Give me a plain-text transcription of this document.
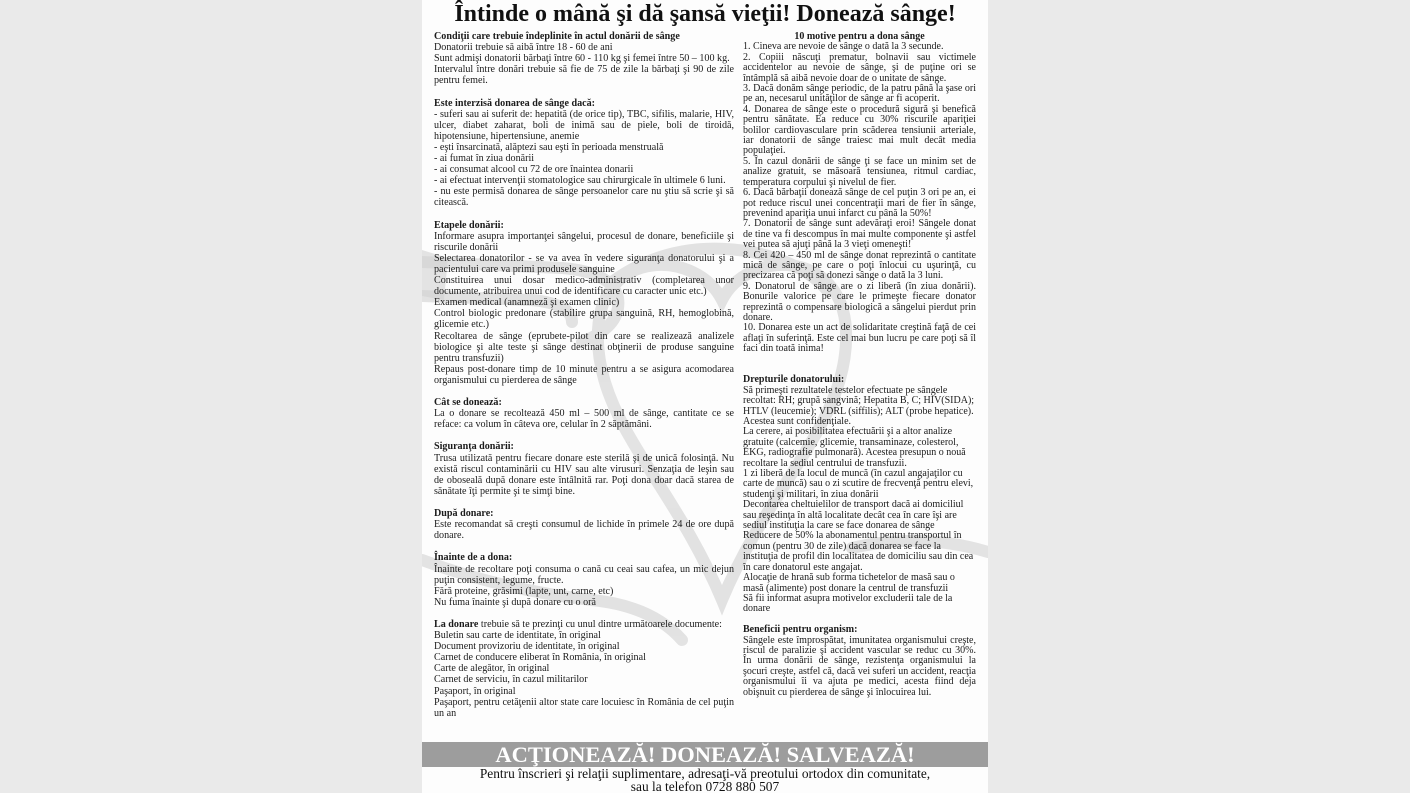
Întinde o mână şi dă şansă vieţii! Donează sânge!

Condiţii care trebuie îndeplinite în actul donării de sânge

Donatorii trebuie să aibă între 18 - 60 de ani

Sunt admişi donatorii bărbaţi între 60 - 110 kg şi femei între 50 – 100 kg.

Intervalul între donări trebuie să fie de 75 de zile la bărbaţi şi 90 de zile pentru femei.

Este interzisă donarea de sânge dacă:

- suferi sau ai suferit de: hepatită (de orice tip), TBC, sifilis, malarie, HIV, ulcer, diabet zaharat, boli de inimă sau de piele, boli de tiroidă, hipotensiune, hipertensiune, anemie

- eşti însarcinată, alăptezi sau eşti în perioada menstruală

- ai fumat în ziua donării

- ai consumat alcool cu 72 de ore înaintea donarii

- ai efectuat intervenţii stomatologice sau chirurgicale în ultimele 6 luni.

- nu este permisă donarea de sânge persoanelor care nu ştiu să scrie şi să citească.

Etapele donării:

Informare asupra importanţei sângelui, procesul de donare, beneficiile şi riscurile donării

Selectarea donatorilor - se va avea în vedere siguranţa donatorului şi a pacientului care va primi produsele sanguine

Constituirea unui dosar medico-administrativ (completarea unor documente, atribuirea unui cod de identificare cu caracter unic etc.)

Examen medical (anamneză şi examen clinic)

Control biologic predonare (stabilire grupa sanguină, RH, hemoglobină, glicemie etc.)

Recoltarea de sânge (eprubete-pilot din care se realizează analizele biologice şi alte teste şi sânge destinat obţinerii de produse sanguine pentru transfuzii)

Repaus post-donare timp de 10 minute pentru a se asigura acomodarea organismului cu pierderea de sânge

Cât se donează:

La o donare se recoltează 450 ml – 500 ml de sânge, cantitate ce se reface: ca volum în câteva ore, celular în 2 săptămâni.

Siguranţa donării:

Trusa utilizată pentru fiecare donare este sterilă şi de unică folosinţă. Nu există riscul contaminării cu HIV sau alte virusuri. Senzaţia de leşin sau de oboseală după donare este întâlnită rar. Poţi dona doar dacă starea de sănătate îţi permite şi te simţi bine.

După donare:

Este recomandat să creşti consumul de lichide în primele 24 de ore după donare.

Înainte de a dona:

Înainte de recoltare poţi consuma o cană cu ceai sau cafea, un mic dejun puţin consistent, legume, fructe.

Fără proteine, grăsimi (lapte, unt, carne, etc)

Nu fuma înainte şi după donare cu o oră

La donare trebuie să te prezinţi cu unul dintre următoarele documente:

Buletin sau carte de identitate, în original

Document provizoriu de identitate, în original

Carnet de conducere eliberat în România, în original

Carte de alegător, în original

Carnet de serviciu, în cazul militarilor

Paşaport, în original

Paşaport, pentru cetăţenii altor state care locuiesc în România de cel puţin un an

10 motive pentru a dona sânge

1. Cineva are nevoie de sânge o dată la 3 secunde.

2. Copiii născuţi prematur, bolnavii sau victimele accidentelor au nevoie de sânge, şi de puţine ori se întâmplă să aibă nevoie doar de o unitate de sânge.

3. Dacă donăm sânge periodic, de la patru până la şase ori pe an, necesarul unităţilor de sânge ar fi acoperit.

4. Donarea de sânge este o procedură sigură şi benefică pentru sănătate. Ea reduce cu 30% riscurile apariţiei bolilor cardiovasculare prin scăderea tensiunii arteriale, iar donatorii de sânge traiesc mai mult decât media populaţiei.

5. În cazul donării de sânge ţi se face un minim set de analize gratuit, se măsoară tensiunea, ritmul cardiac, temperatura corpului şi nivelul de fier.

6. Dacă bărbaţii donează sânge de cel puţin 3 ori pe an, ei pot reduce riscul unei concentraţii mari de fier în sânge, prevenind apariţia unui infarct cu până la 50%!

7. Donatorii de sânge sunt adevăraţi eroi! Sângele donat de tine va fi descompus în mai multe componente şi astfel vei putea să ajuţi până la 3 vieţi omeneşti!

8. Cei 420 – 450 ml de sânge donat reprezintă o cantitate mică de sânge, pe care o poţi înlocui cu uşurinţă, cu precizarea că poţi să donezi sânge o dată la 3 luni.

9. Donatorul de sânge are o zi liberă (în ziua donării). Bonurile valorice pe care le primeşte fiecare donator reprezintă o compensare biologică a sângelui pierdut prin donare.

10. Donarea este un act de solidaritate creştină faţă de cei aflaţi în suferinţă. Este cel mai bun lucru pe care poţi să îl faci din toată inima!

Drepturile donatorului:

Să primeşti rezultatele testelor efectuate pe sângele recoltat: RH; grupă sangvină; Hepatita B, C; HIV(SIDA); HTLV (leucemie); VDRL (siffilis); ALT (probe hepatice). Acestea sunt confidenţiale.

La cerere, ai posibilitatea efectuării şi a altor analize gratuite (calcemie, glicemie, transaminaze, colesterol, EKG, radiografie pulmonară). Acestea presupun o nouă recoltare la sediul centrului de transfuzii.

1 zi liberă de la locul de muncă (în cazul angajaţilor cu carte de muncă) sau o zi scutire de frecvenţă pentru elevi, studenţi şi militari, în ziua donării

Decontarea cheltuielilor de transport dacă ai domiciliul sau reşedinţa în altă localitate decât cea în care îşi are sediul instituţia la care se face donarea de sânge

Reducere de 50% la abonamentul pentru transportul în comun (pentru 30 de zile) dacă donarea se face la instituţia de profil din localitatea de domiciliu sau din cea în care donatorul este angajat.

Alocaţie de hrană sub forma tichetelor de masă sau o masă (alimente) post donare la centrul de transfuzii

Să fii informat asupra motivelor excluderii tale de la donare

Beneficii pentru organism:

Sângele este împrospătat, imunitatea organismului creşte, riscul de paralizie şi accident vascular se reduc cu 30%. În urma donării de sânge, rezistenţa organismului la şocuri creşte, astfel că, dacă vei suferi un accident, reacţia organismului îi va ajuta pe medici, acesta fiind deja obişnuit cu pierderea de sânge şi înlocuirea lui.

ACŢIONEAZĂ! DONEAZĂ! SALVEAZĂ!

Pentru înscrieri şi relaţii suplimentare, adresaţi-vă preotului ortodox din comunitate,

sau la telefon 0728 880 507
